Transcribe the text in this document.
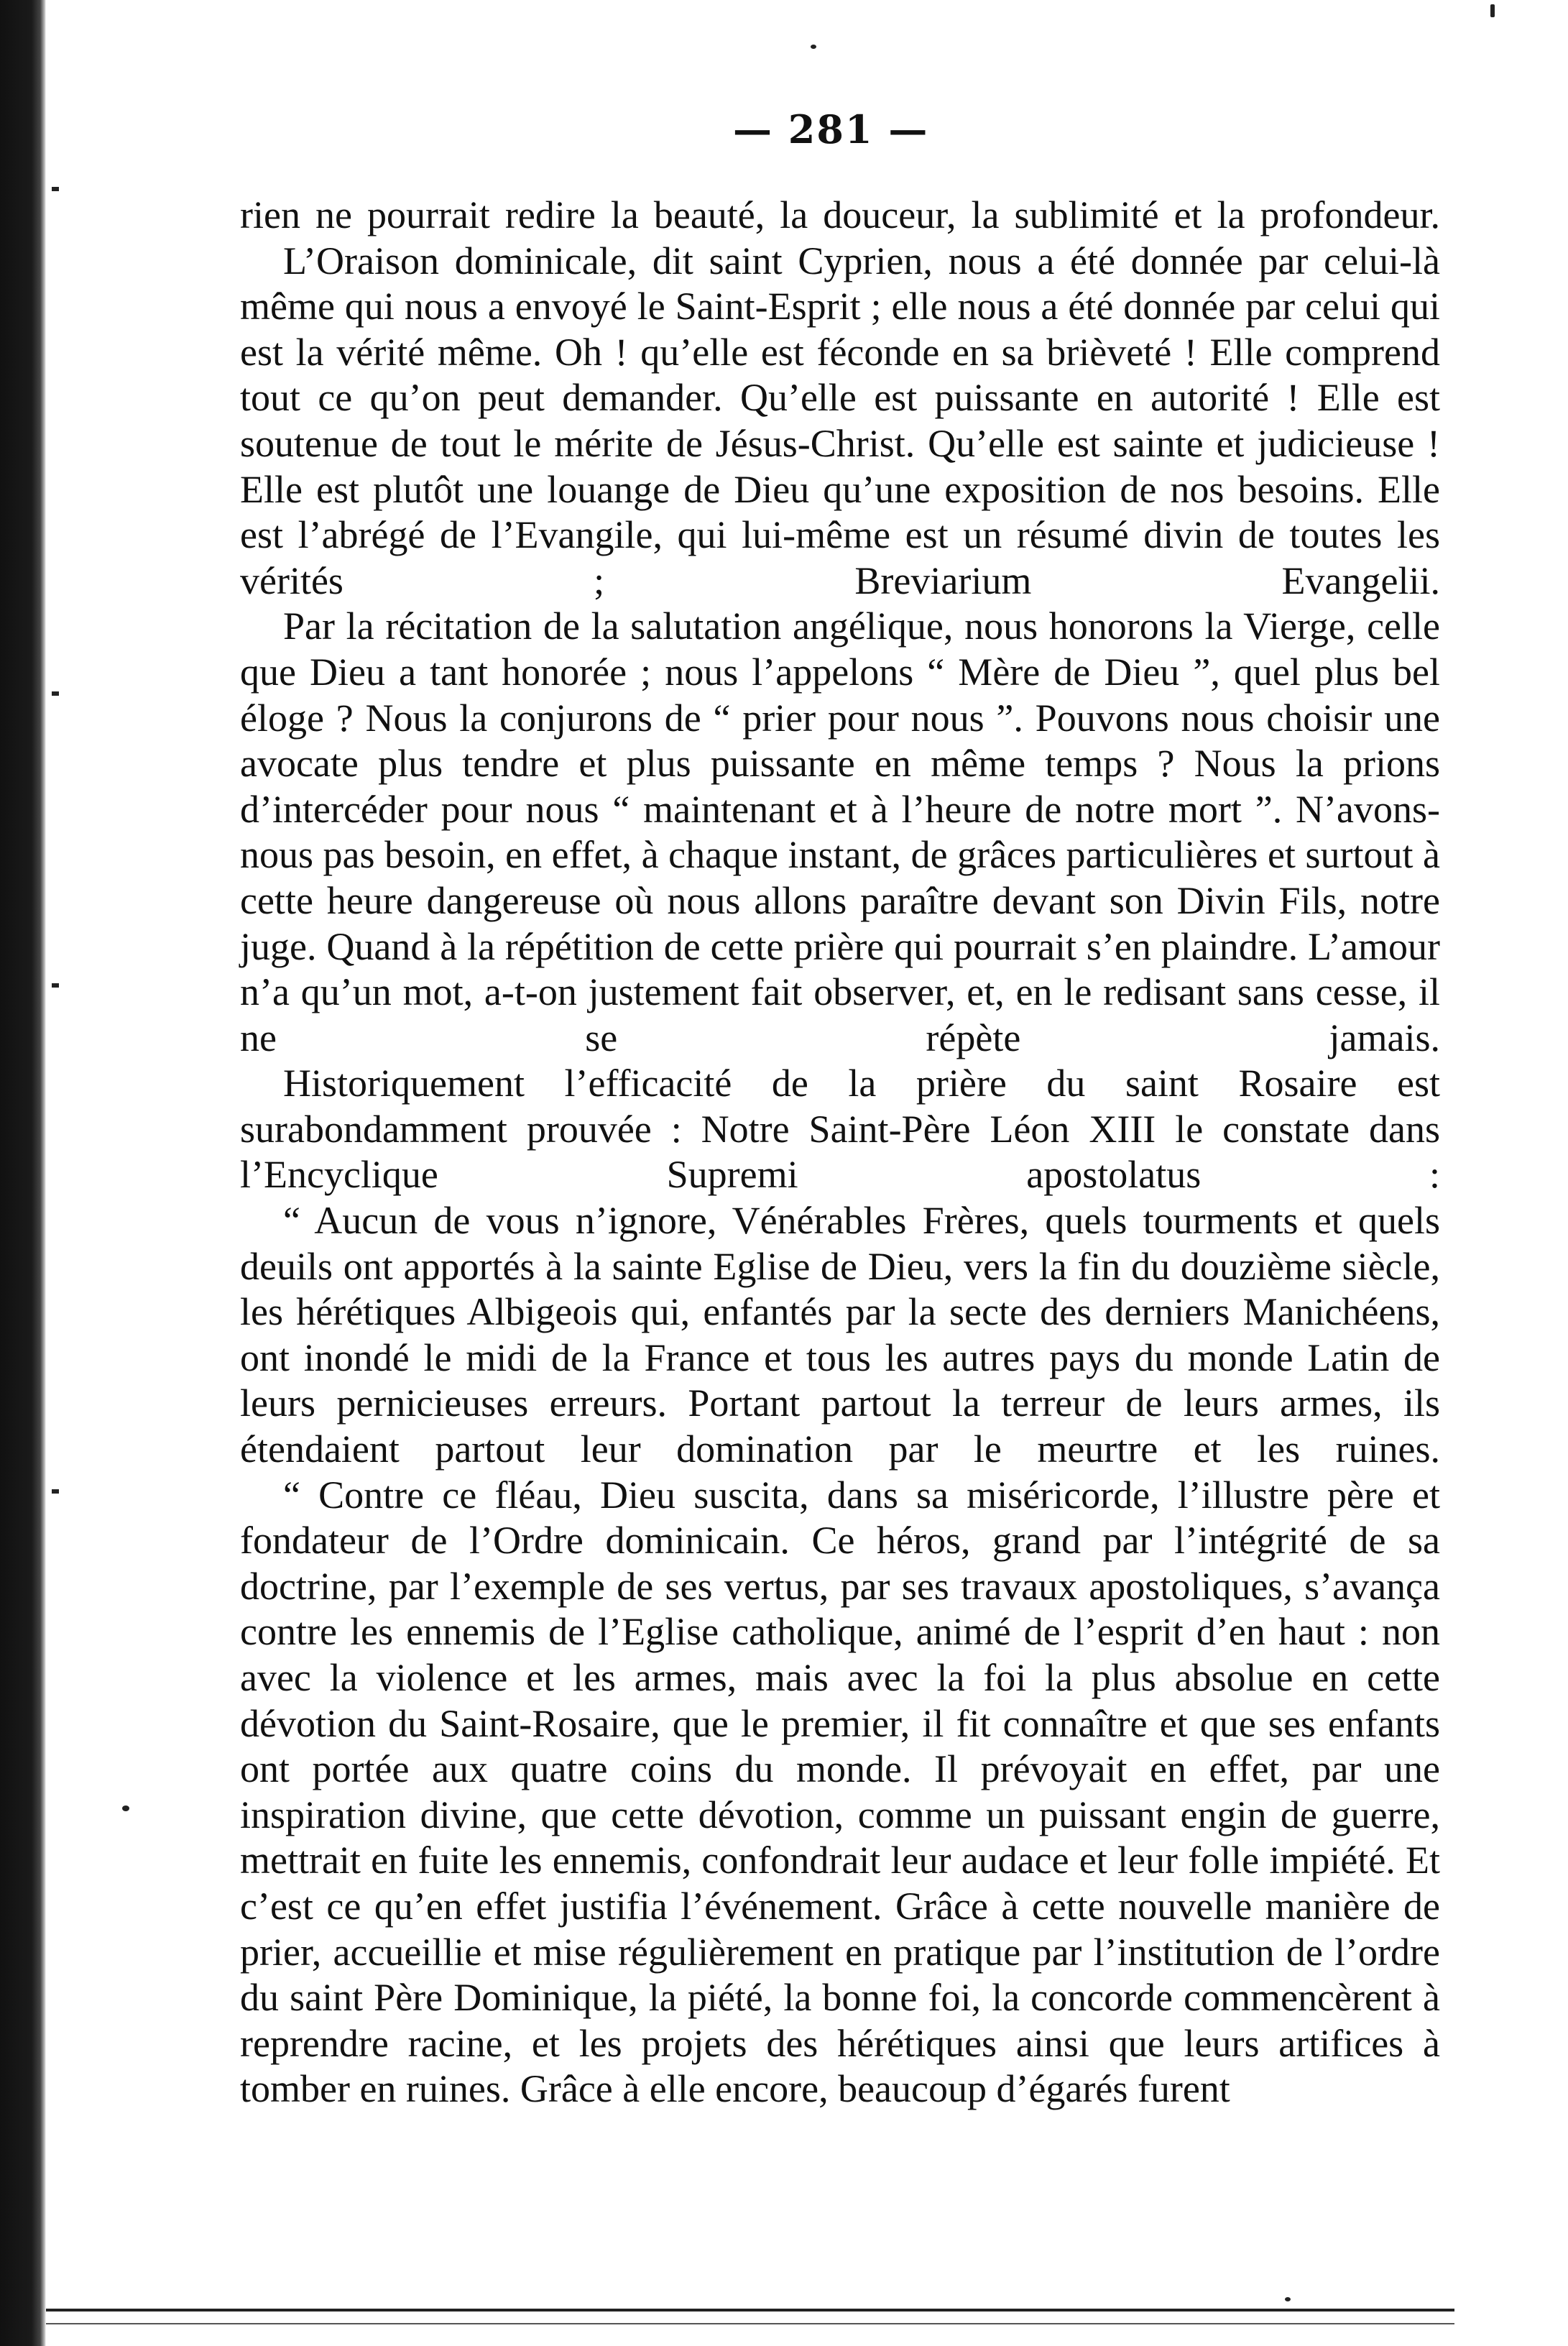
— 281 —

rien ne pourrait redire la beauté, la douceur, la sublimité et la profondeur.

L’Oraison dominicale, dit saint Cyprien, nous a été donnée par celui-là même qui nous a envoyé le Saint-Esprit ; elle nous a été donnée par celui qui est la vérité même. Oh ! qu’elle est féconde en sa brièveté ! Elle comprend tout ce qu’on peut demander. Qu’elle est puissante en autorité ! Elle est soutenue de tout le mérite de Jésus-Christ. Qu’elle est sainte et judicieuse ! Elle est plutôt une louange de Dieu qu’une exposition de nos besoins. Elle est l’abrégé de l’Evangile, qui lui-même est un résumé divin de toutes les vérités ; Breviarium Evangelii.

Par la récitation de la salutation angélique, nous honorons la Vierge, celle que Dieu a tant honorée ; nous l’appelons “ Mère de Dieu ”, quel plus bel éloge ? Nous la conjurons de “ prier pour nous ”. Pouvons nous choisir une avocate plus tendre et plus puissante en même temps ? Nous la prions d’intercéder pour nous “ maintenant et à l’heure de notre mort ”. N’avons-nous pas besoin, en effet, à chaque instant, de grâces particulières et surtout à cette heure dangereuse où nous allons paraître devant son Divin Fils, notre juge. Quand à la répétition de cette prière qui pourrait s’en plaindre. L’amour n’a qu’un mot, a-t-on justement fait observer, et, en le redisant sans cesse, il ne se répète jamais.

Historiquement l’efficacité de la prière du saint Rosaire est surabondamment prouvée : Notre Saint-Père Léon XIII le constate dans l’Encyclique Supremi apostolatus :

“ Aucun de vous n’ignore, Vénérables Frères, quels tourments et quels deuils ont apportés à la sainte Eglise de Dieu, vers la fin du douzième siècle, les hérétiques Albigeois qui, enfantés par la secte des derniers Manichéens, ont inondé le midi de la France et tous les autres pays du monde Latin de leurs pernicieuses erreurs. Portant partout la terreur de leurs armes, ils étendaient partout leur domination par le meurtre et les ruines.

“ Contre ce fléau, Dieu suscita, dans sa miséricorde, l’illustre père et fondateur de l’Ordre dominicain. Ce héros, grand par l’intégrité de sa doctrine, par l’exemple de ses vertus, par ses travaux apostoliques, s’avança contre les ennemis de l’Eglise catholique, animé de l’esprit d’en haut : non avec la violence et les armes, mais avec la foi la plus absolue en cette dévotion du Saint-Rosaire, que le premier, il fit connaître et que ses enfants ont portée aux quatre coins du monde. Il prévoyait en effet, par une inspiration divine, que cette dévotion, comme un puissant engin de guerre, mettrait en fuite les ennemis, confondrait leur audace et leur folle impiété. Et c’est ce qu’en effet justifia l’événement. Grâce à cette nouvelle manière de prier, accueillie et mise régulièrement en pratique par l’institution de l’ordre du saint Père Dominique, la piété, la bonne foi, la concorde commencèrent à reprendre racine, et les projets des hérétiques ainsi que leurs artifices à tomber en ruines. Grâce à elle encore, beaucoup d’égarés furent
